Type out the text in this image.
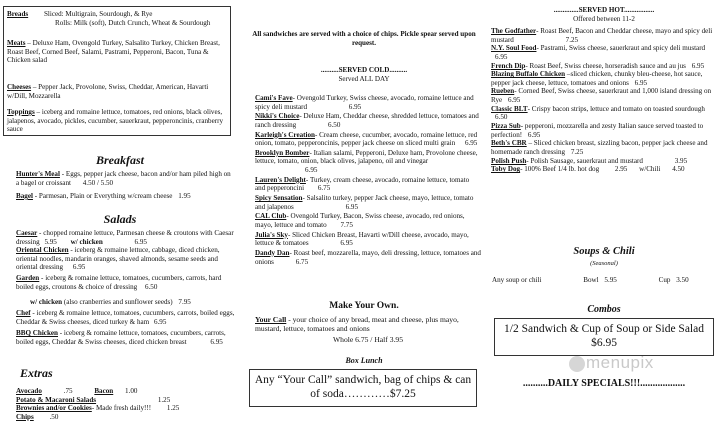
Breads Sliced: Multigrain, Sourdough, & Rye
Rolls: Milk (soft), Dutch Crunch, Wheat & Sourdough
Meats – Deluxe Ham, Ovengold Turkey, Salsalito Turkey, Chicken Breast, Roast Beef, Corned Beef, Salami, Pastrami, Pepperoni, Bacon, Tuna & Chicken salad
Cheeses – Pepper Jack, Provolone, Swiss, Cheddar, American, Havarti w/Dill, Mozzarella
Toppings – iceberg and romaine lettuce, tomatoes, red onions, black olives, jalapenos, avocado, pickles, cucumber, sauerkraut, pepperoncinis, cranberry sauce
Breakfast
Hunter's Meal - Eggs, pepper jack cheese, bacon and/or ham piled high on a bagel or croissant 4.50 / 5.50
Bagel - Parmesan, Plain or Everything w/cream cheese 1.95
Salads
Caesar - chopped romaine lettuce, Parmesan cheese & croutons with Caesar dressing 5.95 w/ chicken	6.95
Oriental Chicken - iceberg & romaine lettuce, cabbage, diced chicken, oriental noodles, mandarin oranges, shaved almonds, sesame seeds and oriental dressing 6.95
Garden - iceberg & romaine lettuce, tomatoes, cucumbers, carrots, hard boiled eggs, croutons & choice of dressing 6.50
w/ chicken (also cranberries and sunflower seeds) 7.95
Chef - iceberg & romaine lettuce, tomatoes, cucumbers, carrots, boiled eggs, Cheddar & Swiss cheeses, diced turkey & ham 6.95
BBQ Chicken - iceberg & romaine lettuce, tomatoes, cucumbers, carrots, boiled eggs, Cheddar & Swiss cheeses, diced chicken breast	6.95
Extras
Avocado	.75	Bacon 1.00
Potato & Macaroni Salads	1.25
Brownies and/or Cookies- Made fresh daily!!! 1.25
Chips .50
All sandwiches are served with a choice of chips. Pickle spear served upon request.
..........SERVED COLD..........
Served ALL DAY
Cami's Fave- Ovengold Turkey, Swiss cheese, avocado, romaine lettuce and spicy deli mustard	6.95
Nikki's Choice- Deluxe Ham, Cheddar cheese, shredded lettuce, tomatoes and ranch dressing	6.50
Karleigh's Creation- Cream cheese, cucumber, avocado, romaine lettuce, red onion, tomato, pepperoncinis, pepper jack cheese on sliced multi grain 6.95
Brooklyn Bomber- Italian salami, Pepperoni, Deluxe ham, Provolone cheese, lettuce, tomato, onion, black olives, jalapeno, oil and vinegar 6.95
Lauren's Delight- Turkey, cream cheese, avocado, romaine lettuce, tomato and pepperoncini 6.75
Spicy Sensation- Salsalito turkey, pepper Jack cheese, mayo, lettuce, tomato and jalapenos	6.95
CAL Club- Ovengold Turkey, Bacon, Swiss cheese, avocado, red onions, mayo, lettuce and tomato 7.75
Julia's Sky- Sliced Chicken Breast, Havarti w/Dill cheese, avocado, mayo, lettuce & tomatoes	6.95
Dandy Dan- Roast beef, mozzarella, mayo, deli dressing, lettuce, tomatoes and onions	6.75
Make Your Own.
Your Call - your choice of any bread, meat and cheese, plus mayo, mustard, lettuce, tomatoes and onions
Whole 6.75 / Half 3.95
Box Lunch
Any “Your Call” sandwich, bag of chips & can of soda…………$7.25
..............SERVED HOT.................
Offered between 11-2
The Godfather- Roast Beef, Bacon and Cheddar cheese, mayo and spicy deli mustard	7.25
N.Y. Soul Food- Pastrami, Swiss cheese, sauerkraut and spicy deli mustard 6.95
French Dip- Roast Beef, Swiss cheese, horseradish sauce and au jus 6.95
Blazing Buffalo Chicken –sliced chicken, chunky bleu-cheese, hot sauce, pepper jack cheese, lettuce, tomatoes and onions 6.95
Rueben- Corned Beef, Swiss cheese, sauerkraut and 1,000 island dressing on Rye 6.95
Classic BLT- Crispy bacon strips, lettuce and tomato on toasted sourdough 6.50
Pizza Sub- pepperoni, mozzarella and zesty Italian sauce served toasted to perfection! 6.95
Beth's CBR – Sliced chicken breast, sizzling bacon, pepper jack cheese and homemade ranch dressing 7.25
Polish Push- Polish Sausage, sauerkraut and mustard	3.95
Toby Dog- 100% Beef 1/4 lb. hot dog 2.95 w/Chili 4.50
Soups & Chili
(Seasonal)
Any soup or chili	Bowl 5.95	Cup 3.50
Combos
1/2 Sandwich & Cup of Soup or Side Salad $6.95
menupix
..........DAILY SPECIALS!!!..................
